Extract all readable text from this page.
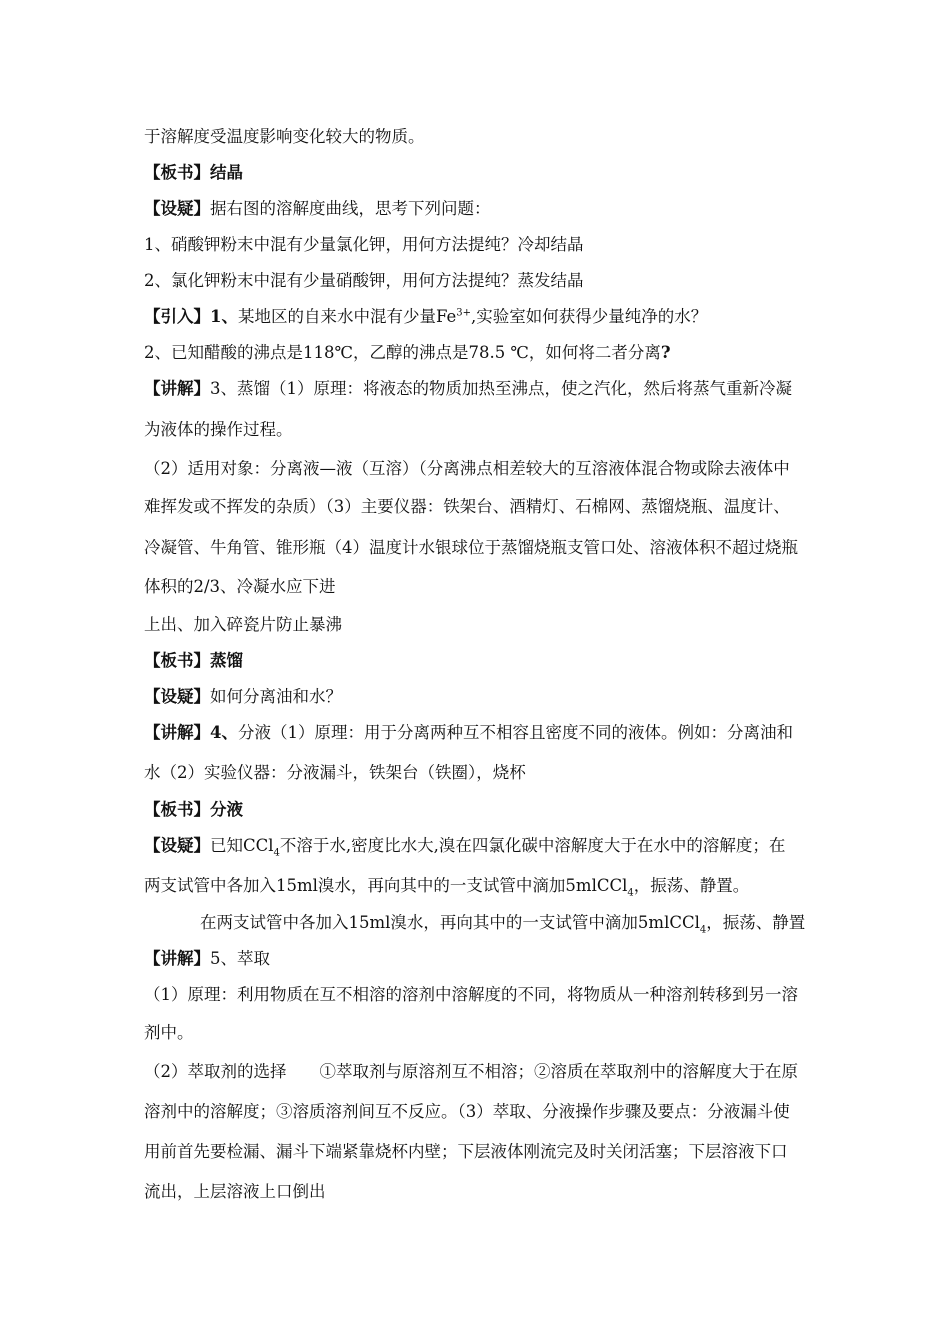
于溶解度受温度影响变化较大的物质。
【板书】结晶
【设疑】据右图的溶解度曲线，思考下列问题：
1、硝酸钾粉末中混有少量氯化钾，用何方法提纯？冷却结晶
2、氯化钾粉末中混有少量硝酸钾，用何方法提纯？蒸发结晶
【引入】1、某地区的自来水中混有少量$Fe^{3+}$,实验室如何获得少量纯净的水？
2、已知醋酸的沸点是118℃，乙醇的沸点是78.5 ℃，如何将二者分离?
【讲解】3、蒸馏（1）原理：将液态的物质加热至沸点，使之汽化，然后将蒸气重新冷凝
为液体的操作过程。
（2）适用对象：分离液—液（互溶）（分离沸点相差较大的互溶液体混合物或除去液体中
难挥发或不挥发的杂质）（3）主要仪器：铁架台、酒精灯、石棉网、蒸馏烧瓶、温度计、
冷凝管、牛角管、锥形瓶（4）温度计水银球位于蒸馏烧瓶支管口处、溶液体积不超过烧瓶
体积的2/3、冷凝水应下进
上出、加入碎瓷片防止暴沸
【板书】蒸馏
【设疑】如何分离油和水？
【讲解】4、分液（1）原理：用于分离两种互不相容且密度不同的液体。例如：分离油和
水（2）实验仪器：分液漏斗，铁架台（铁圈），烧杯
【板书】分液
【设疑】已知CCl$_4$不溶于水,密度比水大,溴在四氯化碳中溶解度大于在水中的溶解度；在
两支试管中各加入15ml溴水，再向其中的一支试管中滴加5mlCCl$_4$，振荡、静置。
在两支试管中各加入15ml溴水，再向其中的一支试管中滴加5mlCCl$_4$，振荡、静置
【讲解】5、萃取
（1）原理：利用物质在互不相溶的溶剂中溶解度的不同，将物质从一种溶剂转移到另一溶
剂中。
（2）萃取剂的选择　　①萃取剂与原溶剂互不相溶；②溶质在萃取剂中的溶解度大于在原
溶剂中的溶解度；③溶质溶剂间互不反应。（3）萃取、分液操作步骤及要点：分液漏斗使
用前首先要检漏、漏斗下端紧靠烧杯内壁；下层液体刚流完及时关闭活塞；下层溶液下口
流出，上层溶液上口倒出
